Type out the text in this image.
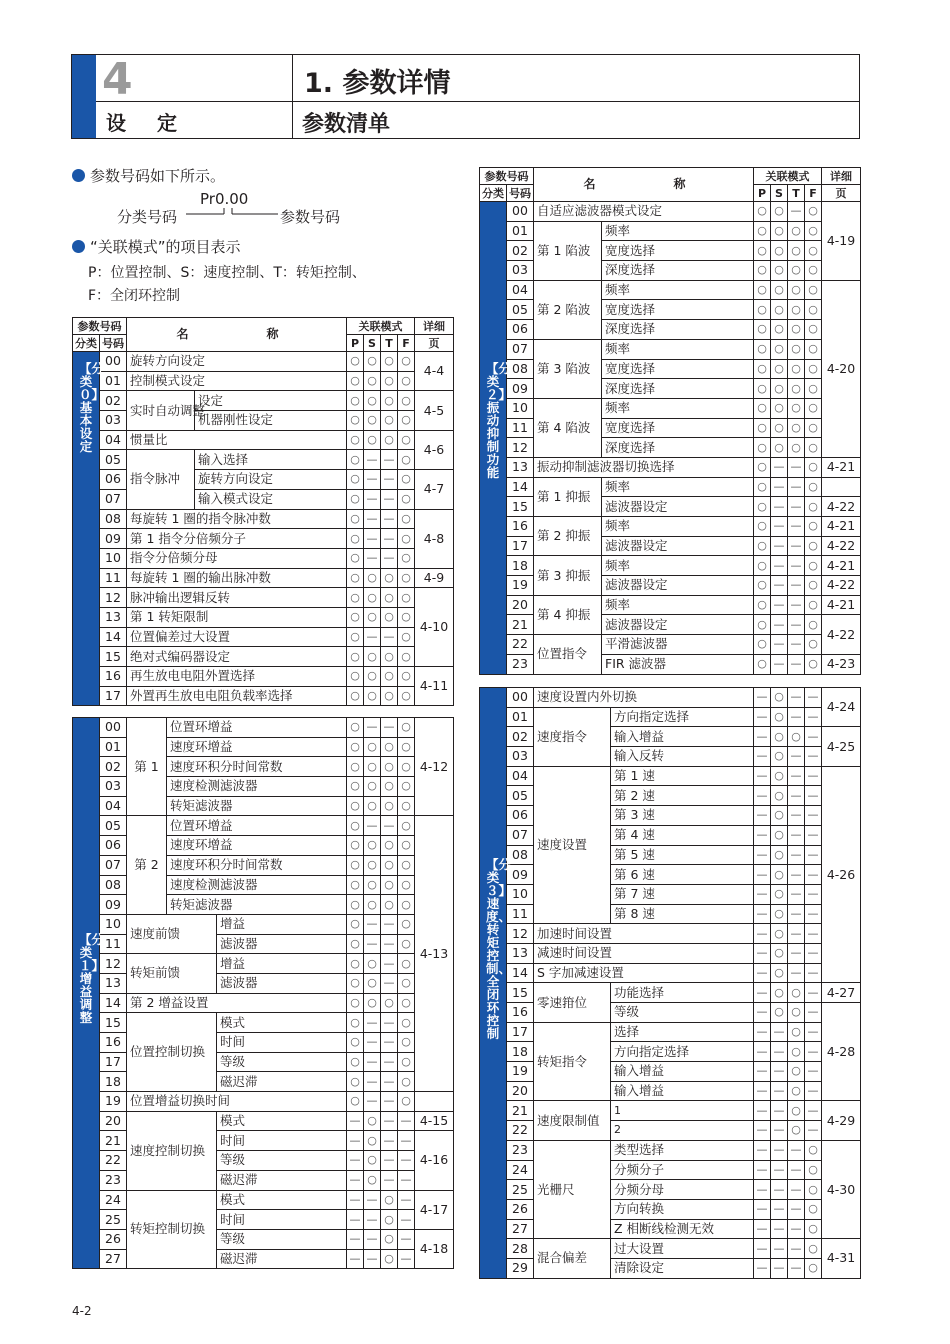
4
设 定
1. 参数详情
参数清单
参数号码如下所示。
Pr0.00
分类号码	参数号码
“关联模式”的项目表示
P：位置控制、S：速度控制、T：转矩控制、
F：全闭环控制
参数号码		名　　称		关联模式				详细
分类	号码			P	S	T	F	页
【分类０】基本设定	00	旋转方向设定		○	○	○	○	4-4
	01	控制模式设定		○	○	○	○	
	02	实时自动调整	设定	○	○	○	○	4-5
	03		机器刚性设定	○	○	○	○	
	04	惯量比		○	○	○	○	4-6
	05	指令脉冲	输入选择	○	—	—	○	
	06		旋转方向设定	○	—	—	○	4-7
	07		输入模式设定	○	—	—	○	
	08	每旋转 1 圈的指令脉冲数		○	—	—	○	4-8
	09	第 1 指令分倍频分子		○	—	—	○	
	10	指令分倍频分母		○	—	—	○	
	11	每旋转 1 圈的输出脉冲数		○	○	○	○	4-9
	12	脉冲输出逻辑反转		○	○	○	○	4-10
	13	第 1 转矩限制		○	○	○	○	
	14	位置偏差过大设置		○	—	—	○	
	15	绝对式编码器设定		○	○	○	○	
	16	再生放电电阻外置选择		○	○	○	○	4-11
	17	外置再生放电电阻负载率选择		○	○	○	○	
【分类１】增益调整	00	第 1	位置环增益		○	—	—	○	4-12	
	01		速度环增益		○	○	○	○		
	02		速度环积分时间常数		○	○	○	○		
	03		速度检测滤波器		○	○	○	○		
	04		转矩滤波器		○	○	○	○		
	05	第 2	位置环增益		○	—	—	○	4-13	
	06		速度环增益		○	○	○	○		
	07		速度环积分时间常数		○	○	○	○		
	08		速度检测滤波器		○	○	○	○		
	09		转矩滤波器		○	○	○	○		
	10	速度前馈		增益	○	—	—	○		
	11			滤波器	○	—	—	○		
	12	转矩前馈		增益	○	○	—	○		
	13			滤波器	○	○	—	○		
	14	第 2 增益设置			○	○	○	○		
	15	位置控制切换		模式	○	—	—	○		
	16			时间	○	—	—	○		
	17			等级	○	—	—	○		
	18			磁迟滞	○	—	—	○	
	19	位置增益切换时间			○	—	—	○		
	20	速度控制切换		模式	—	○	—	—	4-15	
	21			时间	—	○	—	—	4-16	
	22			等级	—	○	—	—		
	23			磁迟滞	—	○	—	—		
	24	转矩控制切换		模式	—	—	○	—	4-17	
	25			时间	—	—	○	—		
	26			等级	—	—	○	—	4-18	
	27			磁迟滞	—	—	○	—		
参数号码		名　　称		关联模式				详细
分类	号码			P	S	T	F	页
【分类２】振动抑制功能	00	自适应滤波器模式设定		○	○	—	○	4-19
	01	第 1 陷波	频率	○	○	○	○	
	02		宽度选择	○	○	○	○	
	03		深度选择	○	○	○	○	
	04	第 2 陷波	频率	○	○	○	○	4-20
	05		宽度选择	○	○	○	○	
	06		深度选择	○	○	○	○	
	07	第 3 陷波	频率	○	○	○	○	
	08		宽度选择	○	○	○	○	
	09		深度选择	○	○	○	○	
	10	第 4 陷波	频率	○	○	○	○	
	11		宽度选择	○	○	○	○	
	12		深度选择	○	○	○	○	
	13	振动抑制滤波器切换选择		○	—	—	○	4-21
	14	第 1 抑振	频率	○	—	—	○	
	15		滤波器设定	○	—	—	○	4-22
	16	第 2 抑振	频率	○	—	—	○	4-21
	17		滤波器设定	○	—	—	○	4-22
	18	第 3 抑振	频率	○	—	—	○	4-21
	19		滤波器设定	○	—	—	○	4-22
	20	第 4 抑振	频率	○	—	—	○	4-21
	21		滤波器设定	○	—	—	○	4-22
	22	位置指令	平滑滤波器	○	—	—	○	
	23		FIR 滤波器	○	—	—	○	4-23
【分类３】速度、转矩控制、全闭环控制	00	速度设置内外切换		—	○	—	—	4-24
	01	速度指令	方向指定选择	—	○	—	—	
	02		输入增益	—	○	○	—	4-25
	03		输入反转	—	○	—	—	
	04	速度设置	第 1 速	—	○	—	—	4-26
	05		第 2 速	—	○	—	—	
	06		第 3 速	—	○	—	—	
	07		第 4 速	—	○	—	—	
	08		第 5 速	—	○	—	—	
	09		第 6 速	—	○	—	—	
	10		第 7 速	—	○	—	—	
	11		第 8 速	—	○	—	—	
	12	加速时间设置		—	○	—	—	
	13	减速时间设置		—	○	—	—	
	14	S 字加减速设置		—	○	—	—	
	15	零速箝位	功能选择	—	○	○	—	4-27
	16		等级	—	○	○	—	4-28
	17	转矩指令	选择	—	—	○	—	
	18		方向指定选择	—	—	○	—	
	19		输入增益	—	—	○	—	
	20		输入增益	—	—	○	—	
	21	速度限制值	1	—	—	○	—	4-29
	22		2	—	—	○	—	
	23	光栅尺	类型选择	—	—	—	○	4-30
	24		分频分子	—	—	—	○	
	25		分频分母	—	—	—	○	
	26		方向转换	—	—	—	○	
	27		Z 相断线检测无效	—	—	—	○	
	28	混合偏差	过大设置	—	—	—	○	4-31
	29		清除设定	—	—	—	○	
4-2
